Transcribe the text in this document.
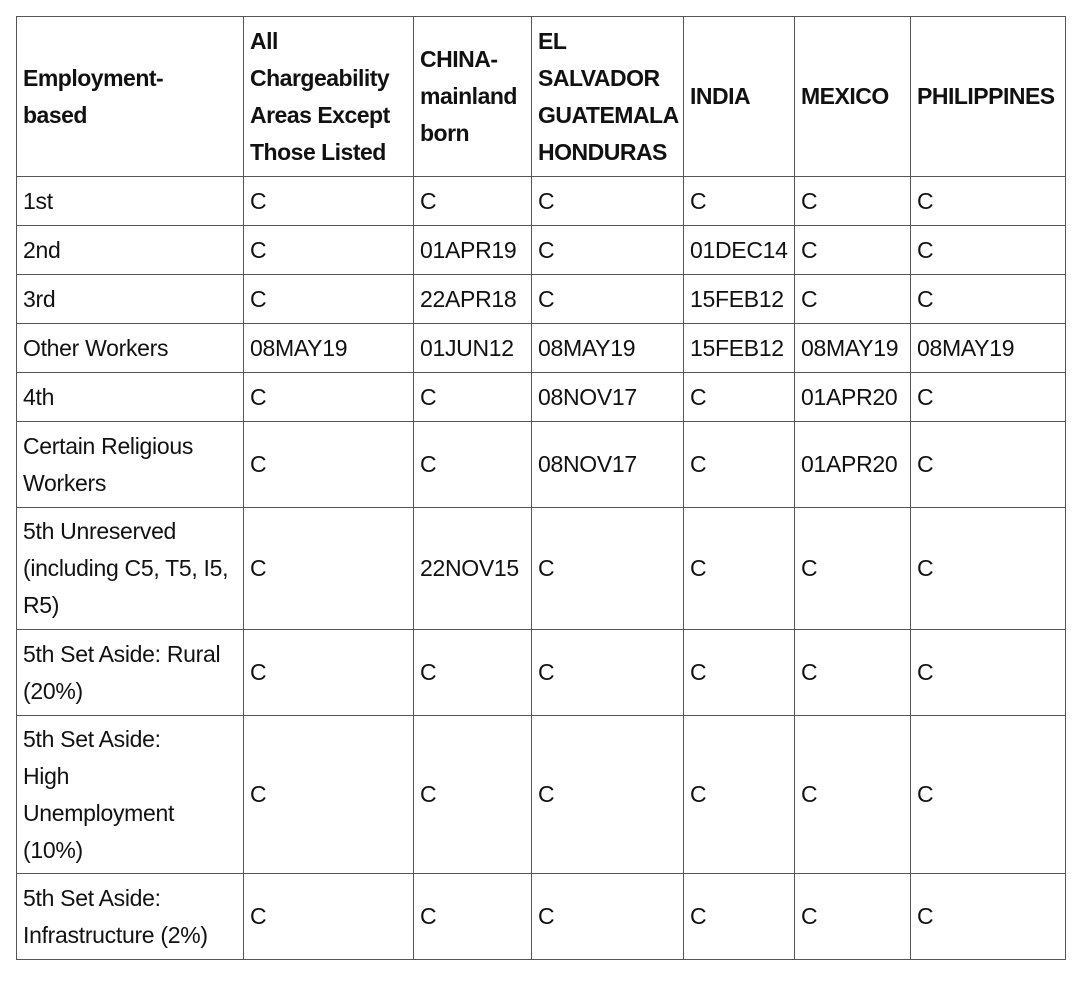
Employment-based	All Chargeability Areas Except Those Listed	CHINA-mainland born	EL SALVADOR GUATEMALA HONDURAS	INDIA	MEXICO	PHILIPPINES
1st	C	C	C	C	C	C
2nd	C	01APR19	C	01DEC14	C	C
3rd	C	22APR18	C	15FEB12	C	C
Other Workers	08MAY19	01JUN12	08MAY19	15FEB12	08MAY19	08MAY19
4th	C	C	08NOV17	C	01APR20	C
Certain Religious Workers	C	C	08NOV17	C	01APR20	C
5th Unreserved (including C5, T5, I5, R5)	C	22NOV15	C	C	C	C
5th Set Aside: Rural (20%)	C	C	C	C	C	C
5th Set Aside: High Unemployment (10%)	C	C	C	C	C	C
5th Set Aside: Infrastructure (2%)	C	C	C	C	C	C
